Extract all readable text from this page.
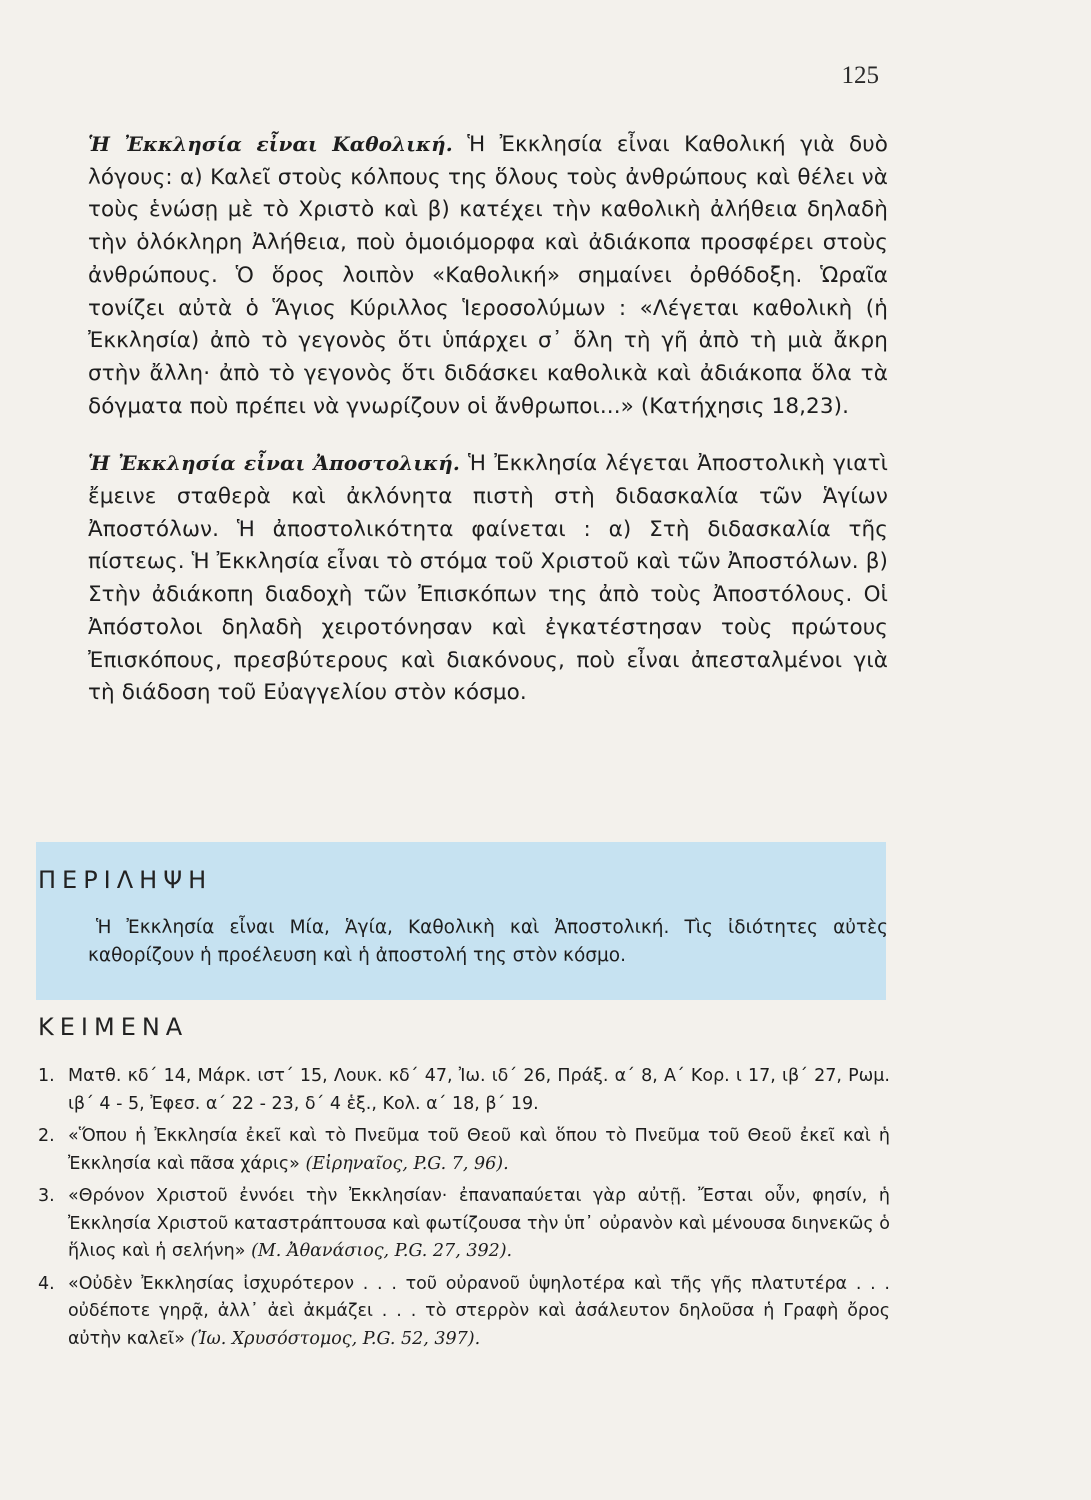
125

Ἡ Ἐκκλησία εἶναι Καθολική. Ἡ Ἐκκλησία εἶναι Καθολική γιὰ δυὸ λόγους: α) Καλεῖ στοὺς κόλπους της ὅλους τοὺς ἀνθρώπους καὶ θέλει νὰ τοὺς ἑνώσῃ μὲ τὸ Χριστὸ καὶ β) κατέχει τὴν καθολικὴ ἀλήθεια δηλαδὴ τὴν ὁλόκληρη Ἀλήθεια, ποὺ ὁμοιόμορφα καὶ ἀδιάκοπα προσφέρει στοὺς ἀνθρώπους. Ὁ ὅρος λοιπὸν «Καθολική» σημαίνει ὀρθόδοξη. Ὡραῖα τονίζει αὐτὰ ὁ Ἅγιος Κύριλλος Ἱεροσολύμων : «Λέγεται καθολικὴ (ἡ Ἐκκλησία) ἀπὸ τὸ γεγονὸς ὅτι ὑπάρχει σ᾽ ὅλη τὴ γῆ ἀπὸ τὴ μιὰ ἄκρη στὴν ἄλλη· ἀπὸ τὸ γεγονὸς ὅτι διδάσκει καθολικὰ καὶ ἀδιάκοπα ὅλα τὰ δόγματα ποὺ πρέπει νὰ γνωρίζουν οἱ ἄνθρωποι...» (Κατήχησις 18,23).

Ἡ Ἐκκλησία εἶναι Ἀποστολική. Ἡ Ἐκκλησία λέγεται Ἀποστολικὴ γιατὶ ἔμεινε σταθερὰ καὶ ἀκλόνητα πιστὴ στὴ διδασκαλία τῶν Ἁγίων Ἀποστόλων. Ἡ ἀποστολικότητα φαίνεται : α) Στὴ διδασκαλία τῆς πίστεως. Ἡ Ἐκκλησία εἶναι τὸ στόμα τοῦ Χριστοῦ καὶ τῶν Ἀποστόλων. β) Στὴν ἀδιάκοπη διαδοχὴ τῶν Ἐπισκόπων της ἀπὸ τοὺς Ἀποστόλους. Οἱ Ἀπόστολοι δηλαδὴ χειροτόνησαν καὶ ἐγκατέστησαν τοὺς πρώτους Ἐπισκόπους, πρεσβύτερους καὶ διακόνους, ποὺ εἶναι ἀπεσταλμένοι γιὰ τὴ διάδοση τοῦ Εὐαγγελίου στὸν κόσμο.

ΠΕΡΙΛΗΨΗ

Ἡ Ἐκκλησία εἶναι Μία, Ἁγία, Καθολικὴ καὶ Ἀποστολική. Τὶς ἰδιότητες αὐτὲς καθορίζουν ἡ προέλευση καὶ ἡ ἀποστολή της στὸν κόσμο.

ΚΕΙΜΕΝΑ
1. Ματθ. κδ΄ 14, Μάρκ. ιστ΄ 15, Λουκ. κδ΄ 47, Ἰω. ιδ΄ 26, Πράξ. α΄ 8, Α΄ Κορ. ι 17, ιβ΄ 27, Ρωμ. ιβ΄ 4 - 5, Ἐφεσ. α΄ 22 - 23, δ΄ 4 ἑξ., Κολ. α΄ 18, β΄ 19.
2. «Ὅπου ἡ Ἐκκλησία ἐκεῖ καὶ τὸ Πνεῦμα τοῦ Θεοῦ καὶ ὅπου τὸ Πνεῦμα τοῦ Θεοῦ ἐκεῖ καὶ ἡ Ἐκκλησία καὶ πᾶσα χάρις» (Εἰρηναῖος, P.G. 7, 96).
3. «Θρόνον Χριστοῦ ἐννόει τὴν Ἐκκλησίαν· ἐπαναπαύεται γὰρ αὐτῇ. Ἔσται οὖν, φησίν, ἡ Ἐκκλησία Χριστοῦ καταστράπτουσα καὶ φωτίζουσα τὴν ὑπ᾽ οὐρανὸν καὶ μένουσα διηνεκῶς ὁ ἥλιος καὶ ἡ σελήνη» (Μ. Ἀθανάσιος, P.G. 27, 392).
4. «Οὐδὲν Ἐκκλησίας ἰσχυρότερον . . . τοῦ οὐρανοῦ ὑψηλοτέρα καὶ τῆς γῆς πλατυτέρα . . . οὐδέποτε γηρᾷ, ἀλλ᾽ ἀεὶ ἀκμάζει . . . τὸ στερρὸν καὶ ἀσάλευτον δηλοῦσα ἡ Γραφὴ ὄρος αὐτὴν καλεῖ» (Ἰω. Χρυσόστομος, P.G. 52, 397).
